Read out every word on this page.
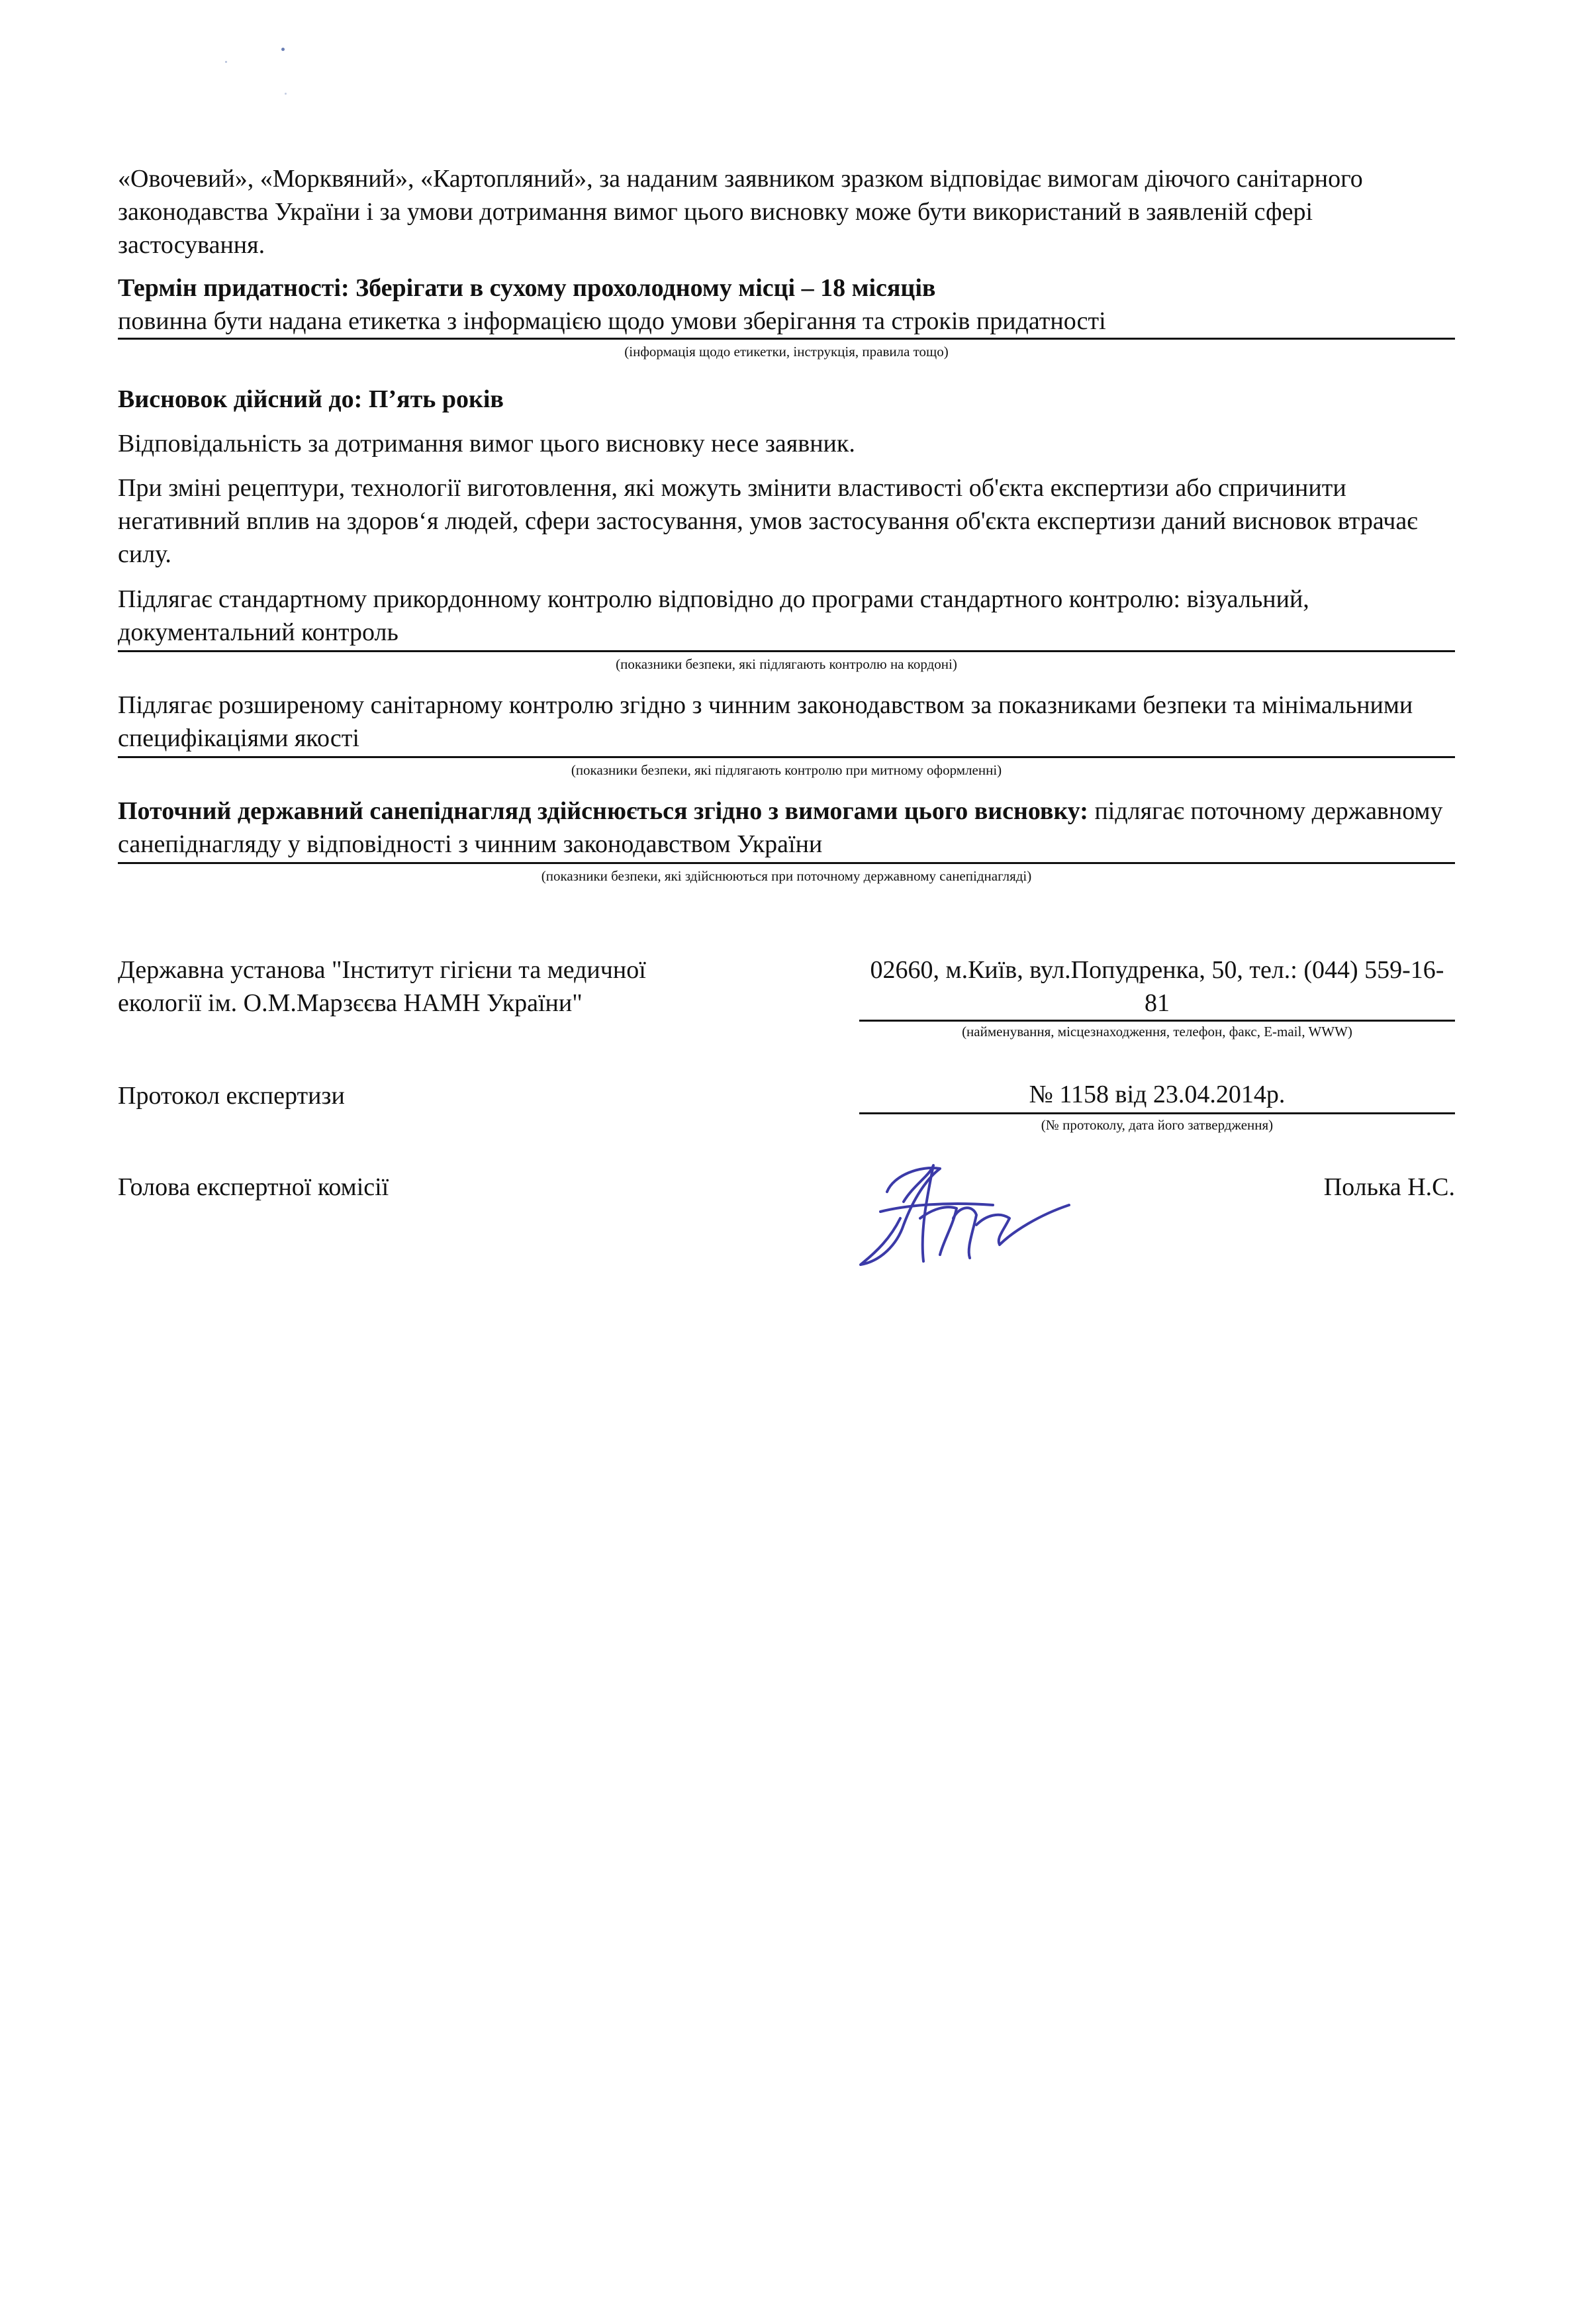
«Овочевий», «Морквяний», «Картопляний», за наданим заявником зразком відповідає вимогам діючого санітарного законодавства України і за умови дотримання вимог цього висновку може бути використаний в заявленій сфері застосування.

Термін придатності: Зберігати в сухому прохолодному місці – 18 місяців

повинна бути надана етикетка з інформацією щодо умови зберігання та строків придатності

(інформація щодо етикетки, інструкція, правила тощо)

Висновок дійсний до: П’ять років

Відповідальність за дотримання вимог цього висновку несе заявник.

При зміні рецептури, технології виготовлення, які можуть змінити властивості об'єкта експертизи або спричинити негативний вплив на здоров‘я людей, сфери застосування, умов застосування об'єкта експертизи даний висновок втрачає силу.

Підлягає стандартному прикордонному контролю відповідно до програми стандартного контролю: візуальний, документальний контроль

(показники безпеки, які підлягають контролю на кордоні)

Підлягає розширеному санітарному контролю згідно з чинним законодавством за показниками безпеки та мінімальними специфікаціями якості

(показники безпеки, які підлягають контролю при митному оформленні)

Поточний державний санепіднагляд здійснюється згідно з вимогами цього висновку: підлягає поточному державному санепіднагляду у відповідності з чинним законодавством України

(показники безпеки, які здійснюються при поточному державному санепіднагляді)
Державна установа "Інститут гігієни та медичної екології ім. О.М.Марзєєва НАМН України"
02660, м.Київ, вул.Попудренка, 50, тел.: (044) 559-16-81
(найменування, місцезнаходження, телефон, факс, E-mail, WWW)
Протокол експертизи	№ 1158 від 23.04.2014р.
(№ протоколу, дата його затвердження)
Голова експертної комісії	Полька Н.С.
